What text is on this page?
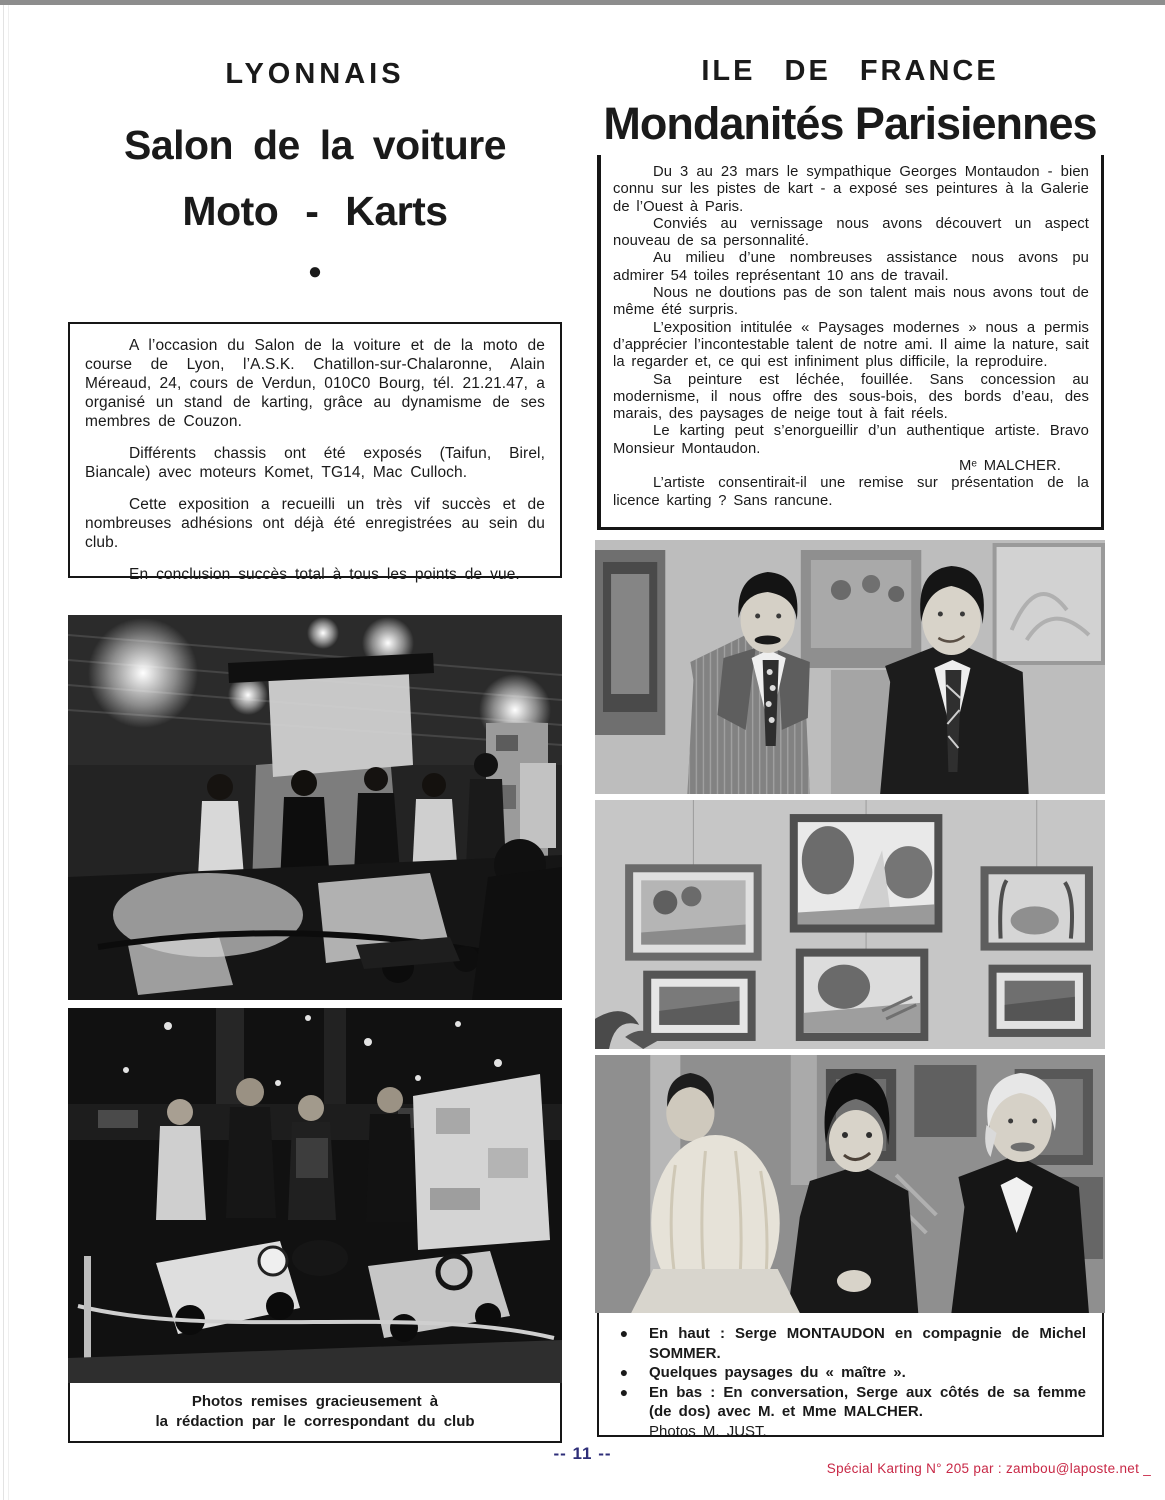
LYONNAIS
Salon de la voiture
Moto - Karts
●

A l’occasion du Salon de la voiture et de la moto de course de Lyon, l’A.S.K. Chatillon-sur-Chalaronne, Alain Méreaud, 24, cours de Verdun, 010C0 Bourg, tél. 21.21.47, a organisé un stand de karting, grâce au dynamisme de ses membres de Couzon.

Différents chassis ont été exposés (Taifun, Birel, Biancale) avec moteurs Komet, TG14, Mac Culloch.

Cette exposition a recueilli un très vif succès et de nombreuses adhésions ont déjà été enregistrées au sein du club.

En conclusion succès total à tous les points de vue.

Photos remises gracieusement à
la rédaction par le correspondant du club
ILE DE FRANCE
Mondanités Parisiennes

Du 3 au 23 mars le sympathique Georges Montaudon - bien connu sur les pistes de kart - a exposé ses peintures à la Galerie de l’Ouest à Paris.

Conviés au vernissage nous avons découvert un aspect nouveau de sa personnalité.

Au milieu d’une nombreuses assistance nous avons pu admirer 54 toiles représentant 10 ans de travail.

Nous ne doutions pas de son talent mais nous avons tout de même été surpris.

L’exposition intitulée « Paysages modernes » nous a permis d’apprécier l’incontestable talent de notre ami. Il aime la nature, sait la regarder et, ce qui est infiniment plus difficile, la reproduire.

Sa peinture est léchée, fouillée. Sans concession au modernisme, il nous offre des sous-bois, des bords d’eau, des marais, des paysages de neige tout à fait réels.

Le karting peut s’enorgueillir d’un authentique artiste. Bravo Monsieur Montaudon.

Mᵉ MALCHER.

L’artiste consentirait-il une remise sur présentation de la licence karting ? Sans rancune.

●	En haut : Serge MONTAUDON en compagnie de Michel SOMMER.
●	Quelques paysages du « maître ».
●	En bas : En conversation, Serge aux côtés de sa femme (de dos) avec M. et Mme MALCHER.
Photos M. JUST.
-- 11 --
Spécial Karting N° 205 par : zambou@laposte.net _
